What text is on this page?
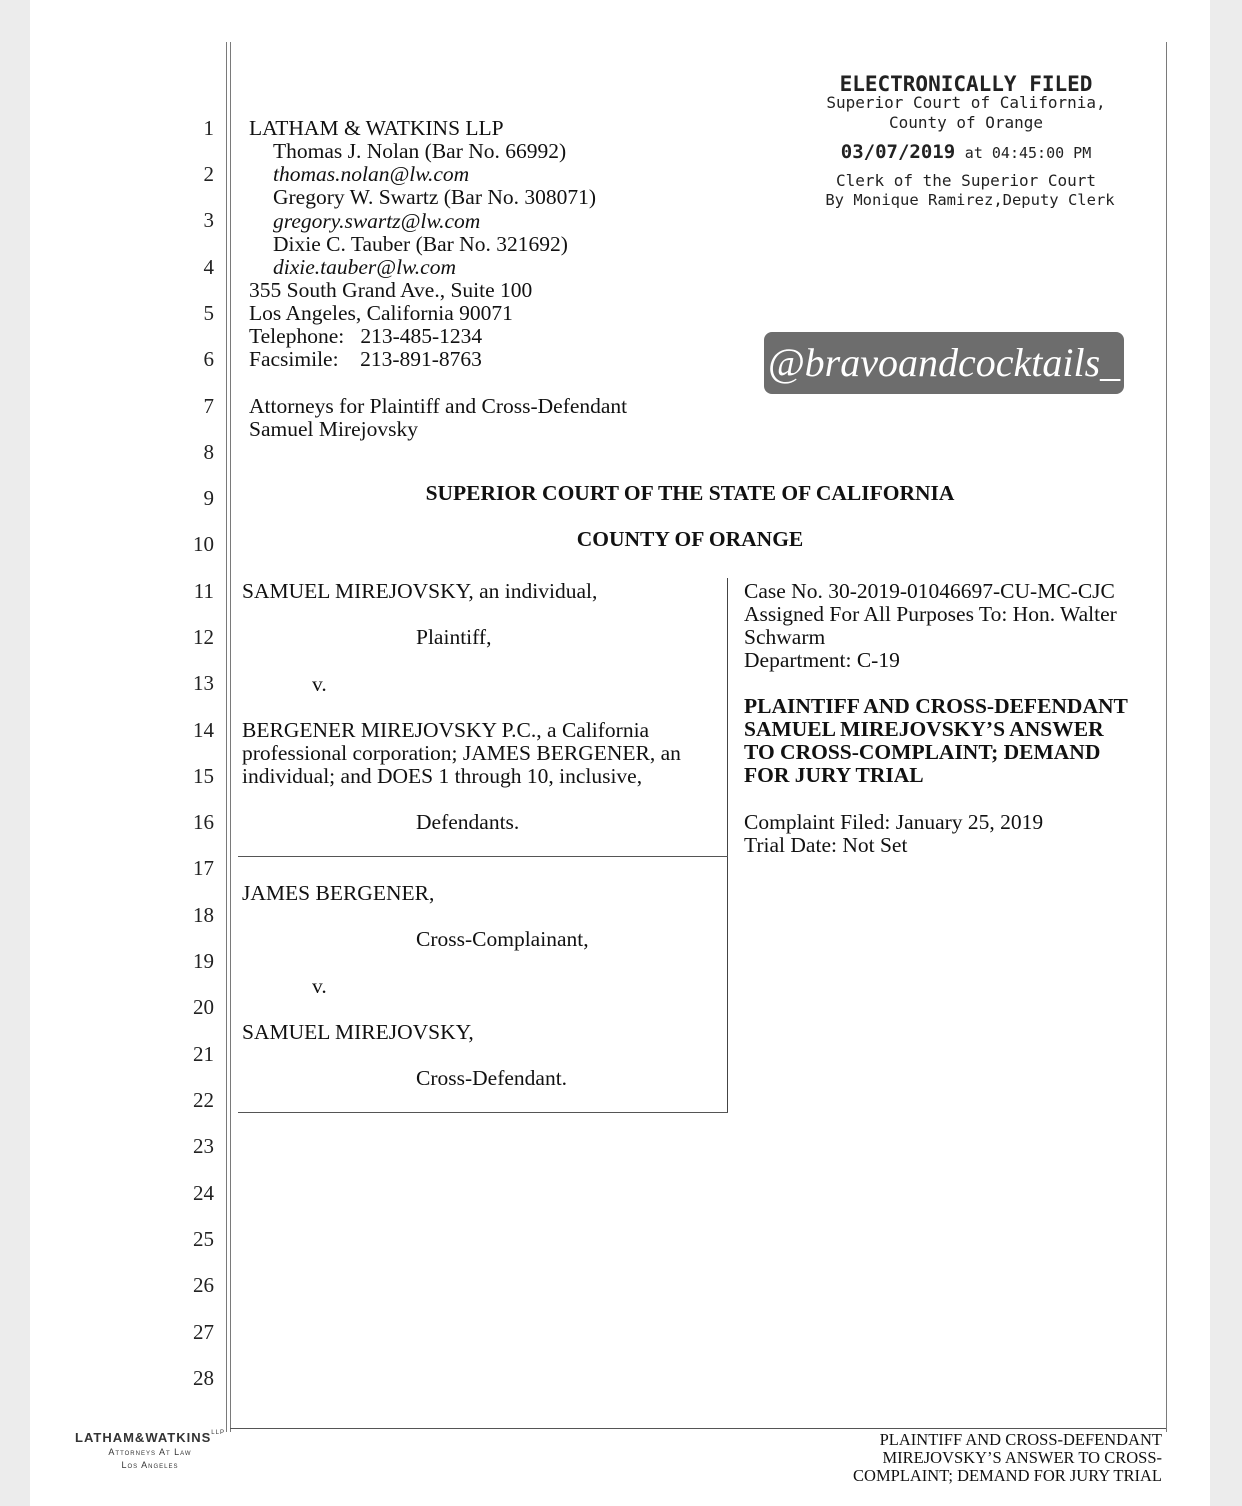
1
2
3
4
5
6
7
8
9
10
11
12
13
14
15
16
17
18
19
20
21
22
23
24
25
26
27
28
ELECTRONICALLY FILED
Superior Court of California,
County of Orange
03/07/2019 at 04:45:00 PM
Clerk of the Superior Court
By Monique Ramirez,Deputy Clerk
@bravoandcocktails_
LATHAM & WATKINS LLP
Thomas J. Nolan (Bar No. 66992)
thomas.nolan@lw.com
Gregory W. Swartz (Bar No. 308071)
gregory.swartz@lw.com
Dixie C. Tauber (Bar No. 321692)
dixie.tauber@lw.com
355 South Grand Ave., Suite 100
Los Angeles, California 90071
Telephone:   213-485-1234
Facsimile:    213-891-8763
Attorneys for Plaintiff and Cross-Defendant
Samuel Mirejovsky
SUPERIOR COURT OF THE STATE OF CALIFORNIA
COUNTY OF ORANGE
SAMUEL MIREJOVSKY, an individual,
Plaintiff,
v.
BERGENER MIREJOVSKY P.C., a California
professional corporation; JAMES BERGENER, an
individual; and DOES 1 through 10, inclusive,
Defendants.
JAMES BERGENER,
Cross-Complainant,
v.
SAMUEL MIREJOVSKY,
Cross-Defendant.
Case No. 30-2019-01046697-CU-MC-CJC
Assigned For All Purposes To: Hon. Walter
Schwarm
Department: C-19
PLAINTIFF AND CROSS-DEFENDANT
SAMUEL MIREJOVSKY’S ANSWER
TO CROSS-COMPLAINT; DEMAND
FOR JURY TRIAL
Complaint Filed: January 25, 2019
Trial Date: Not Set
$LATHAM\&WATKINS^{LLP}$
Attorneys At Law
Los Angeles
PLAINTIFF AND CROSS-DEFENDANT
MIREJOVSKY’S ANSWER TO CROSS-
COMPLAINT; DEMAND FOR JURY TRIAL
